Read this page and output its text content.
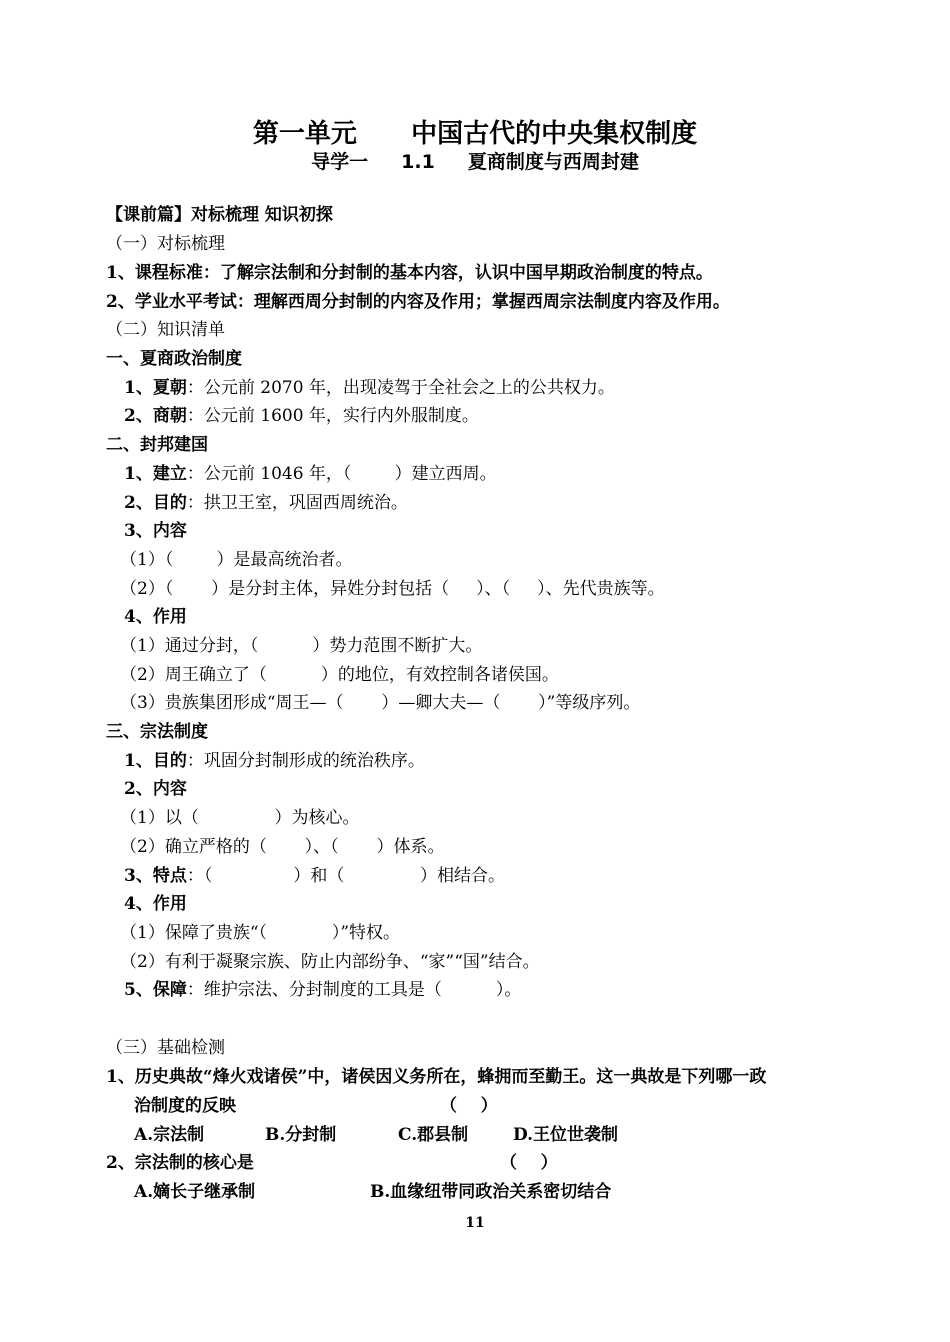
第一单元      中国古代的中央集权制度
导学一     1.1     夏商制度与西周封建
【课前篇】对标梳理 知识初探
（一）对标梳理
1、课程标准：了解宗法制和分封制的基本内容，认识中国早期政治制度的特点。
2、学业水平考试：理解西周分封制的内容及作用；掌握西周宗法制度内容及作用。
（二）知识清单
一、夏商政治制度
1、夏朝：公元前 2070 年，出现凌驾于全社会之上的公共权力。
2、商朝：公元前 1600 年，实行内外服制度。
二、封邦建国
1、建立：公元前 1046 年，（        ）建立西周。
2、目的：拱卫王室，巩固西周统治。
3、内容
（1）（        ）是最高统治者。
（2）（       ）是分封主体，异姓分封包括（     ）、（     ）、先代贵族等。
4、作用
（1）通过分封，（          ）势力范围不断扩大。
（2）周王确立了（          ）的地位，有效控制各诸侯国。
（3）贵族集团形成“周王—（       ）—卿大夫—（       ）”等级序列。
三、宗法制度
1、目的：巩固分封制形成的统治秩序。
2、内容
（1）以（              ）为核心。
（2）确立严格的（       ）、（       ）体系。
3、特点：（               ）和（              ）相结合。
4、作用
（1）保障了贵族“（            ）”特权。
（2）有利于凝聚宗族、防止内部纷争、“家”“国”结合。
5、保障：维护宗法、分封制度的工具是（          ）。
（三）基础检测
1、历史典故“烽火戏诸侯”中，诸侯因义务所在，蜂拥而至勤王。这一典故是下列哪一政
治制度的反映	（    ）
A.宗法制	B.分封制	C.郡县制	D.王位世袭制
2、宗法制的核心是	（    ）
A.嫡长子继承制	B.血缘纽带同政治关系密切结合
11
